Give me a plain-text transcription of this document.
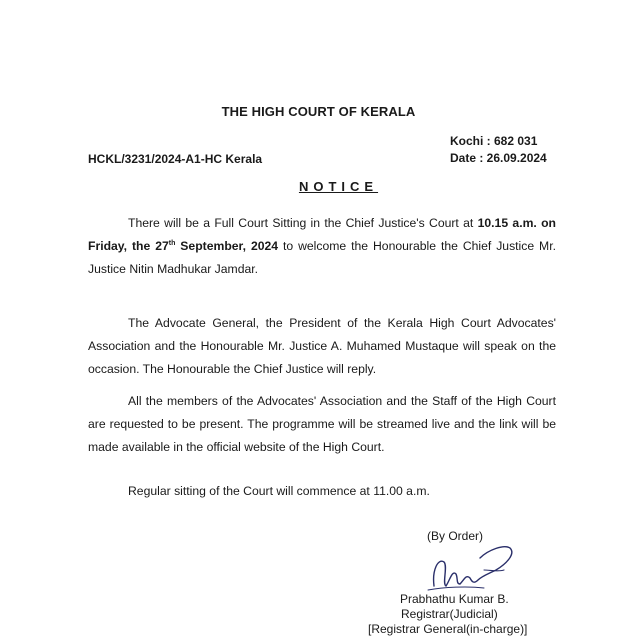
THE HIGH COURT OF KERALA
Kochi : 682 031
HCKL/3231/2024-A1-HC Kerala	Date : 26.09.2024
NOTICE
There will be a Full Court Sitting in the Chief Justice's Court at 10.15 a.m. on Friday, the 27th September, 2024 to welcome the Honourable the Chief Justice Mr. Justice Nitin Madhukar Jamdar.
The Advocate General, the President of the Kerala High Court Advocates' Association and the Honourable Mr. Justice A. Muhamed Mustaque will speak on the occasion. The Honourable the Chief Justice will reply.
All the members of the Advocates' Association and the Staff of the High Court are requested to be present. The programme will be streamed live and the link will be made available in the official website of the High Court.
Regular sitting of the Court will commence at 11.00 a.m.
(By Order)
Prabhathu Kumar B.
Registrar(Judicial)
[Registrar General(in-charge)]
